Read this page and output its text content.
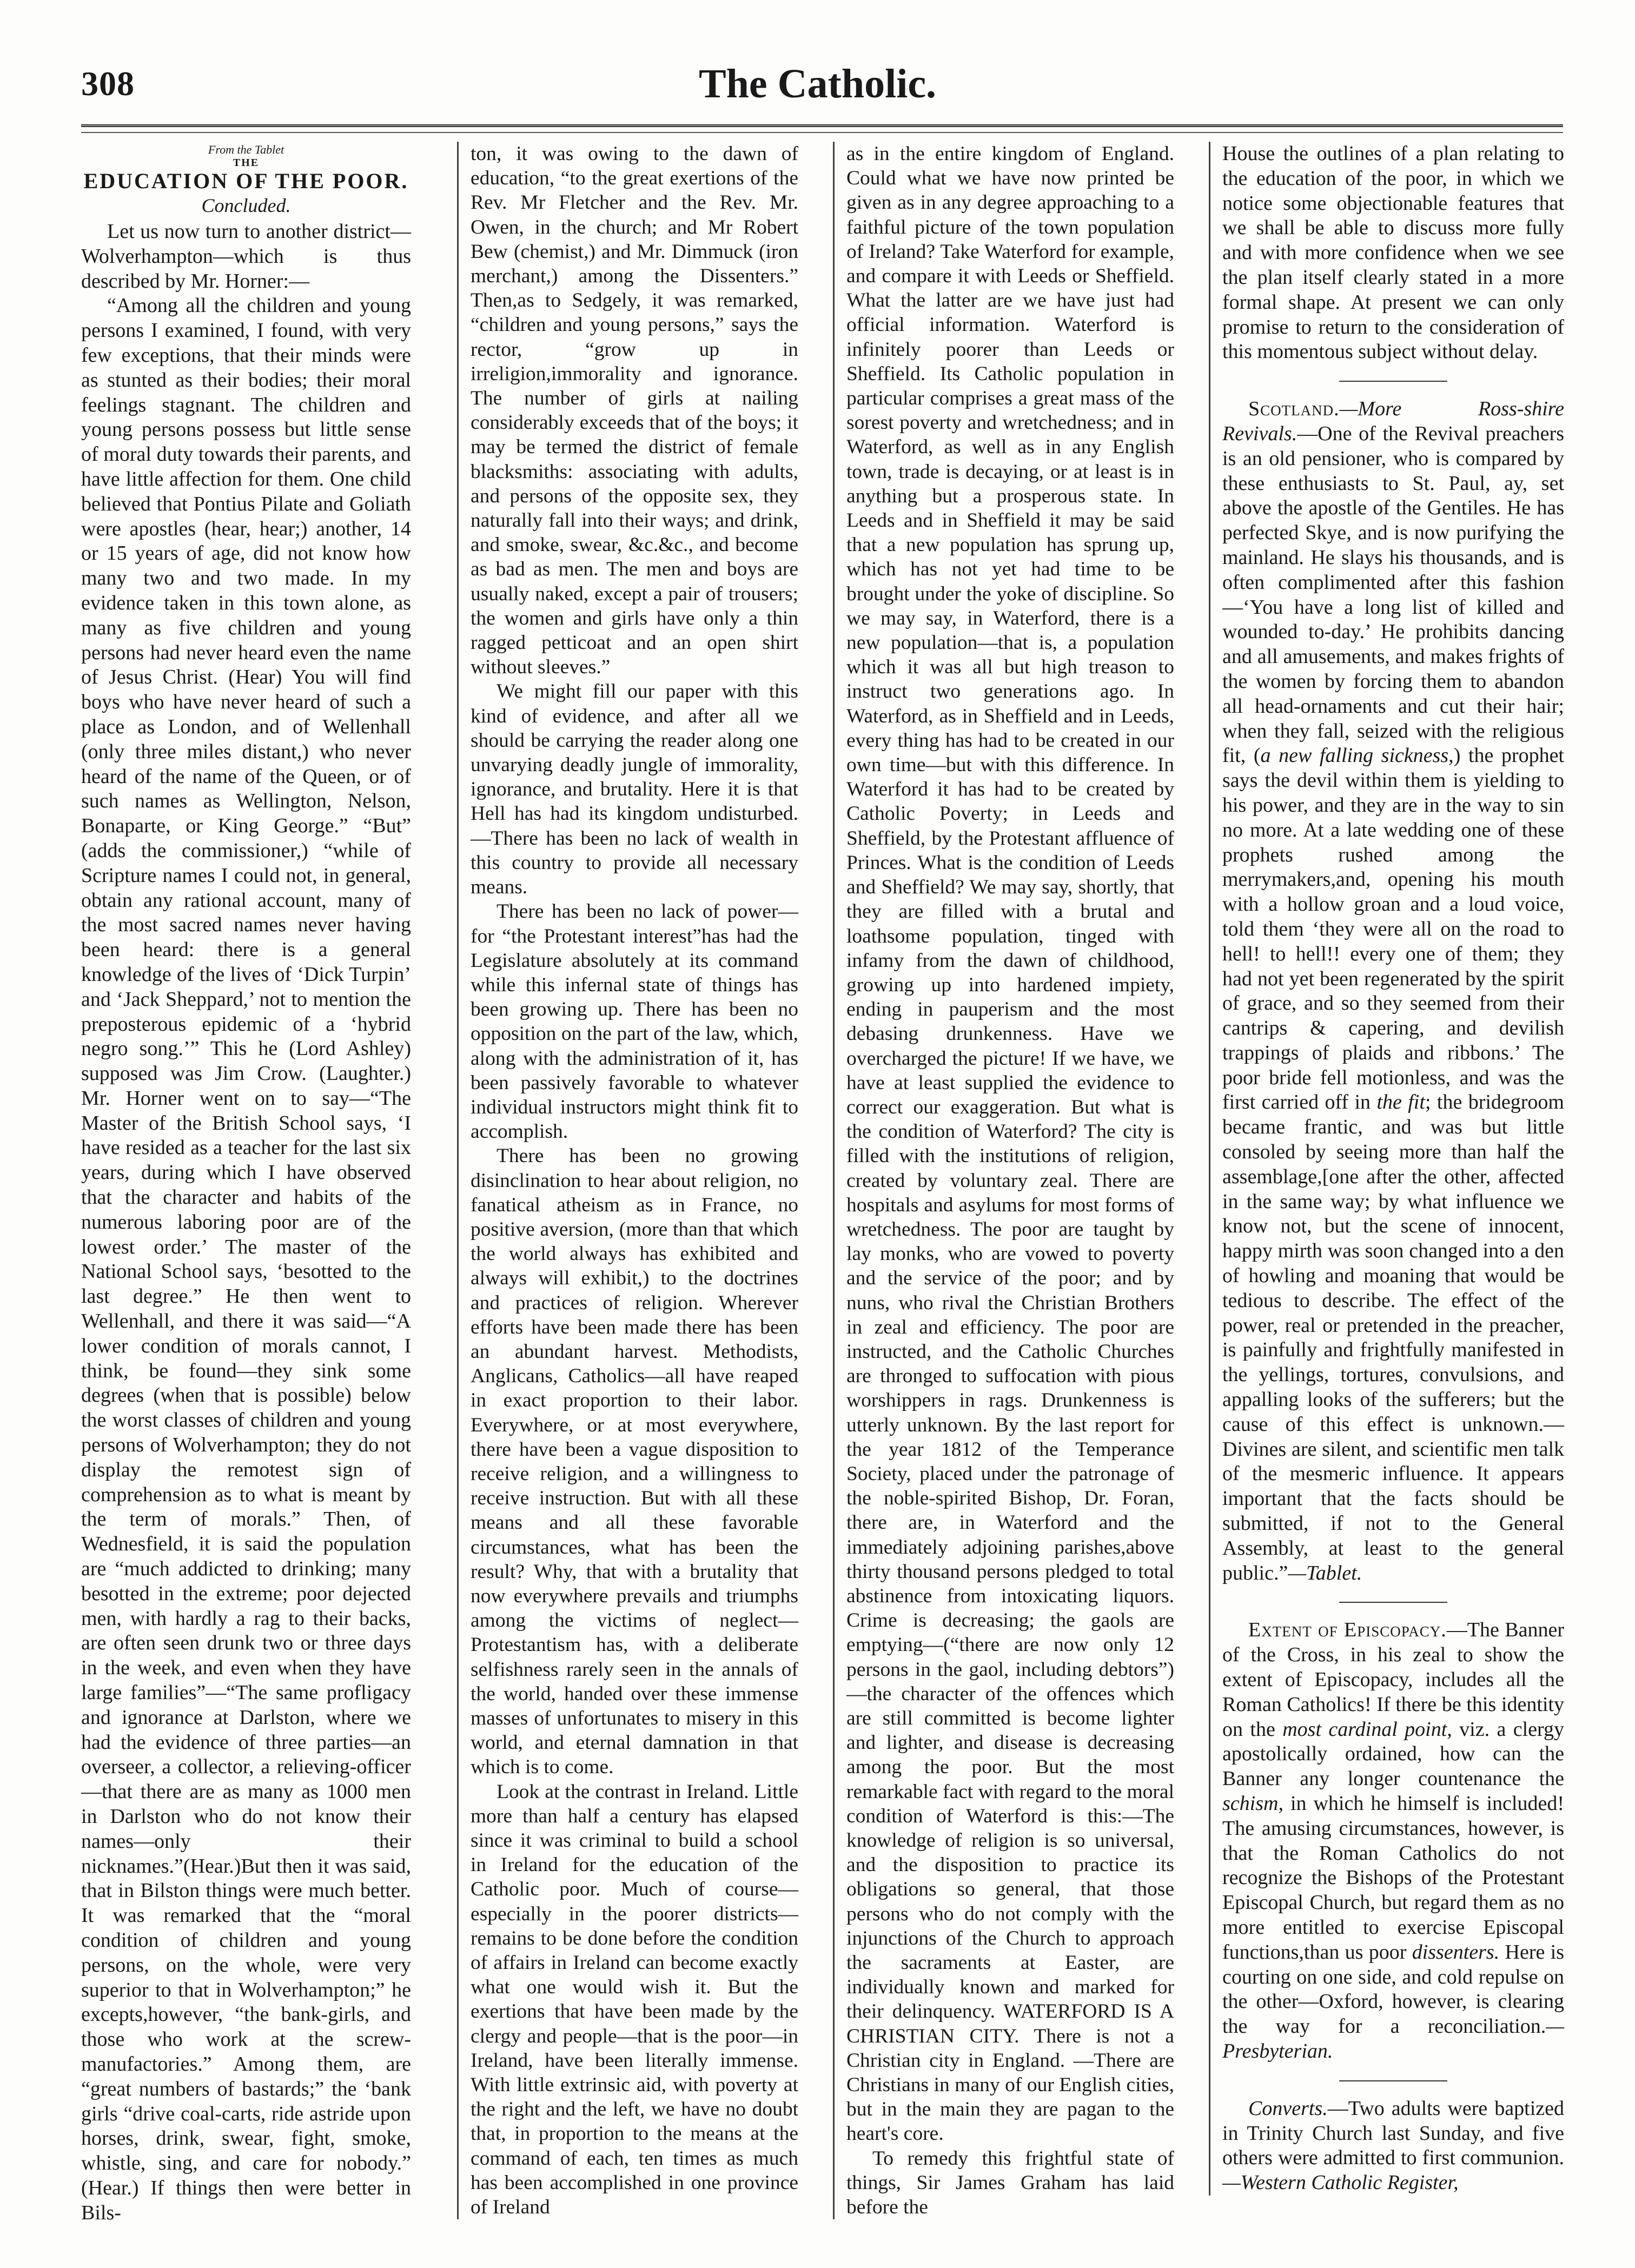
308	The Catholic.
From the Tablet
THE
EDUCATION OF THE POOR.
Concluded.

Let us now turn to another district—Wolverhampton—which is thus described by Mr. Horner:—

“Among all the children and young persons I examined, I found, with very few exceptions, that their minds were as stunted as their bodies; their moral feelings stagnant. The children and young persons possess but little sense of moral duty towards their parents, and have little affection for them. One child believed that Pontius Pilate and Goliath were apostles (hear, hear;) another, 14 or 15 years of age, did not know how many two and two made. In my evidence taken in this town alone, as many as five children and young persons had never heard even the name of Jesus Christ. (Hear) You will find boys who have never heard of such a place as London, and of Wellenhall (only three miles distant,) who never heard of the name of the Queen, or of such names as Wellington, Nelson, Bonaparte, or King George.” “But” (adds the commissioner,) “while of Scripture names I could not, in general, obtain any rational account, many of the most sacred names never having been heard: there is a general knowledge of the lives of ‘Dick Turpin’ and ‘Jack Sheppard,’ not to mention the preposterous epidemic of a ‘hybrid negro song.’” This he (Lord Ashley) supposed was Jim Crow. (Laughter.) Mr. Horner went on to say—“The Master of the British School says, ‘I have resided as a teacher for the last six years, during which I have observed that the character and habits of the numerous laboring poor are of the lowest order.’ The master of the National School says, ‘besotted to the last degree.” He then went to Wellenhall, and there it was said—“A lower condition of morals cannot, I think, be found—they sink some degrees (when that is possible) below the worst classes of children and young persons of Wolverhampton; they do not display the remotest sign of comprehension as to what is meant by the term of morals.” Then, of Wednesfield, it is said the population are “much addicted to drinking; many besotted in the extreme; poor dejected men, with hardly a rag to their backs, are often seen drunk two or three days in the week, and even when they have large families”—“The same profligacy and ignorance at Darlston, where we had the evidence of three parties—an overseer, a collector, a relieving-officer—that there are as many as 1000 men in Darlston who do not know their names—only their nicknames.”(Hear.)But then it was said, that in Bilston things were much better. It was remarked that the “moral condition of children and young persons, on the whole, were very superior to that in Wolverhampton;” he excepts,however, “the bank-girls, and those who work at the screw-manufactories.” Among them, are “great numbers of bastards;” the ‘bank girls “drive coal-carts, ride astride upon horses, drink, swear, fight, smoke, whistle, sing, and care for nobody.” (Hear.) If things then were better in Bils-

ton, it was owing to the dawn of education, “to the great exertions of the Rev. Mr Fletcher and the Rev. Mr. Owen, in the church; and Mr Robert Bew (chemist,) and Mr. Dimmuck (iron merchant,) among the Dissenters.” Then,as to Sedgely, it was remarked, “children and young persons,” says the rector, “grow up in irreligion,immorality and ignorance. The number of girls at nailing considerably exceeds that of the boys; it may be termed the district of female blacksmiths: associating with adults, and persons of the opposite sex, they naturally fall into their ways; and drink, and smoke, swear, &c.&c., and become as bad as men. The men and boys are usually naked, except a pair of trousers; the women and girls have only a thin ragged petticoat and an open shirt without sleeves.”

We might fill our paper with this kind of evidence, and after all we should be carrying the reader along one unvarying deadly jungle of immorality, ignorance, and brutality. Here it is that Hell has had its kingdom undisturbed.—There has been no lack of wealth in this country to provide all necessary means.

There has been no lack of power—for “the Protestant interest”has had the Legislature absolutely at its command while this infernal state of things has been growing up. There has been no opposition on the part of the law, which, along with the administration of it, has been passively favorable to whatever individual instructors might think fit to accomplish.

There has been no growing disinclination to hear about religion, no fanatical atheism as in France, no positive aversion, (more than that which the world always has exhibited and always will exhibit,) to the doctrines and practices of religion. Wherever efforts have been made there has been an abundant harvest. Methodists, Anglicans, Catholics—all have reaped in exact proportion to their labor. Everywhere, or at most everywhere, there have been a vague disposition to receive religion, and a willingness to receive instruction. But with all these means and all these favorable circumstances, what has been the result? Why, that with a brutality that now everywhere prevails and triumphs among the victims of neglect—Protestantism has, with a deliberate selfishness rarely seen in the annals of the world, handed over these immense masses of unfortunates to misery in this world, and eternal damnation in that which is to come.

Look at the contrast in Ireland. Little more than half a century has elapsed since it was criminal to build a school in Ireland for the education of the Catholic poor. Much of course—especially in the poorer districts—remains to be done before the condition of affairs in Ireland can become exactly what one would wish it. But the exertions that have been made by the clergy and people—that is the poor—in Ireland, have been literally immense. With little extrinsic aid, with poverty at the right and the left, we have no doubt that, in proportion to the means at the command of each, ten times as much has been accomplished in one province of Ireland

as in the entire kingdom of England. Could what we have now printed be given as in any degree approaching to a faithful picture of the town population of Ireland? Take Waterford for example, and compare it with Leeds or Sheffield. What the latter are we have just had official information. Waterford is infinitely poorer than Leeds or Sheffield. Its Catholic population in particular comprises a great mass of the sorest poverty and wretchedness; and in Waterford, as well as in any English town, trade is decaying, or at least is in anything but a prosperous state. In Leeds and in Sheffield it may be said that a new population has sprung up, which has not yet had time to be brought under the yoke of discipline. So we may say, in Waterford, there is a new population—that is, a population which it was all but high treason to instruct two generations ago. In Waterford, as in Sheffield and in Leeds, every thing has had to be created in our own time—but with this difference. In Waterford it has had to be created by Catholic Poverty; in Leeds and Sheffield, by the Protestant affluence of Princes. What is the condition of Leeds and Sheffield? We may say, shortly, that they are filled with a brutal and loathsome population, tinged with infamy from the dawn of childhood, growing up into hardened impiety, ending in pauperism and the most debasing drunkenness. Have we overcharged the picture! If we have, we have at least supplied the evidence to correct our exaggeration. But what is the condition of Waterford? The city is filled with the institutions of religion, created by voluntary zeal. There are hospitals and asylums for most forms of wretchedness. The poor are taught by lay monks, who are vowed to poverty and the service of the poor; and by nuns, who rival the Christian Brothers in zeal and efficiency. The poor are instructed, and the Catholic Churches are thronged to suffocation with pious worshippers in rags. Drunkenness is utterly unknown. By the last report for the year 1812 of the Temperance Society, placed under the patronage of the noble-spirited Bishop, Dr. Foran, there are, in Waterford and the immediately adjoining parishes,above thirty thousand persons pledged to total abstinence from intoxicating liquors. Crime is decreasing; the gaols are emptying—(“there are now only 12 persons in the gaol, including debtors”)—the character of the offences which are still committed is become lighter and lighter, and disease is decreasing among the poor. But the most remarkable fact with regard to the moral condition of Waterford is this:—The knowledge of religion is so universal, and the disposition to practice its obligations so general, that those persons who do not comply with the injunctions of the Church to approach the sacraments at Easter, are individually known and marked for their delinquency. WATERFORD IS A CHRISTIAN CITY. There is not a Christian city in England. —There are Christians in many of our English cities, but in the main they are pagan to the heart's core.

To remedy this frightful state of things, Sir James Graham has laid before the

House the outlines of a plan relating to the education of the poor, in which we notice some objectionable features that we shall be able to discuss more fully and with more confidence when we see the plan itself clearly stated in a more formal shape. At present we can only promise to return to the consideration of this momentous subject without delay.

Scotland.—More Ross-shire Revivals.—One of the Revival preachers is an old pensioner, who is compared by these enthusiasts to St. Paul, ay, set above the apostle of the Gentiles. He has perfected Skye, and is now purifying the mainland. He slays his thousands, and is often complimented after this fashion—‘You have a long list of killed and wounded to-day.’ He prohibits dancing and all amusements, and makes frights of the women by forcing them to abandon all head-ornaments and cut their hair; when they fall, seized with the religious fit, (a new falling sickness,) the prophet says the devil within them is yielding to his power, and they are in the way to sin no more. At a late wedding one of these prophets rushed among the merrymakers,and, opening his mouth with a hollow groan and a loud voice, told them ‘they were all on the road to hell! to hell!! every one of them; they had not yet been regenerated by the spirit of grace, and so they seemed from their cantrips & capering, and devilish trappings of plaids and ribbons.’ The poor bride fell motionless, and was the first carried off in the fit; the bridegroom became frantic, and was but little consoled by seeing more than half the assemblage,[one after the other, affected in the same way; by what influence we know not, but the scene of innocent, happy mirth was soon changed into a den of howling and moaning that would be tedious to describe. The effect of the power, real or pretended in the preacher, is painfully and frightfully manifested in the yellings, tortures, convulsions, and appalling looks of the sufferers; but the cause of this effect is unknown.—Divines are silent, and scientific men talk of the mesmeric influence. It appears important that the facts should be submitted, if not to the General Assembly, at least to the general public.”—Tablet.

Extent of Episcopacy.—The Banner of the Cross, in his zeal to show the extent of Episcopacy, includes all the Roman Catholics! If there be this identity on the most cardinal point, viz. a clergy apostolically ordained, how can the Banner any longer countenance the schism, in which he himself is included! The amusing circumstances, however, is that the Roman Catholics do not recognize the Bishops of the Protestant Episcopal Church, but regard them as no more entitled to exercise Episcopal functions,than us poor dissenters. Here is courting on one side, and cold repulse on the other—Oxford, however, is clearing the way for a reconciliation.—Presbyterian.

Converts.—Two adults were baptized in Trinity Church last Sunday, and five others were admitted to first communion.—Western Catholic Register,
